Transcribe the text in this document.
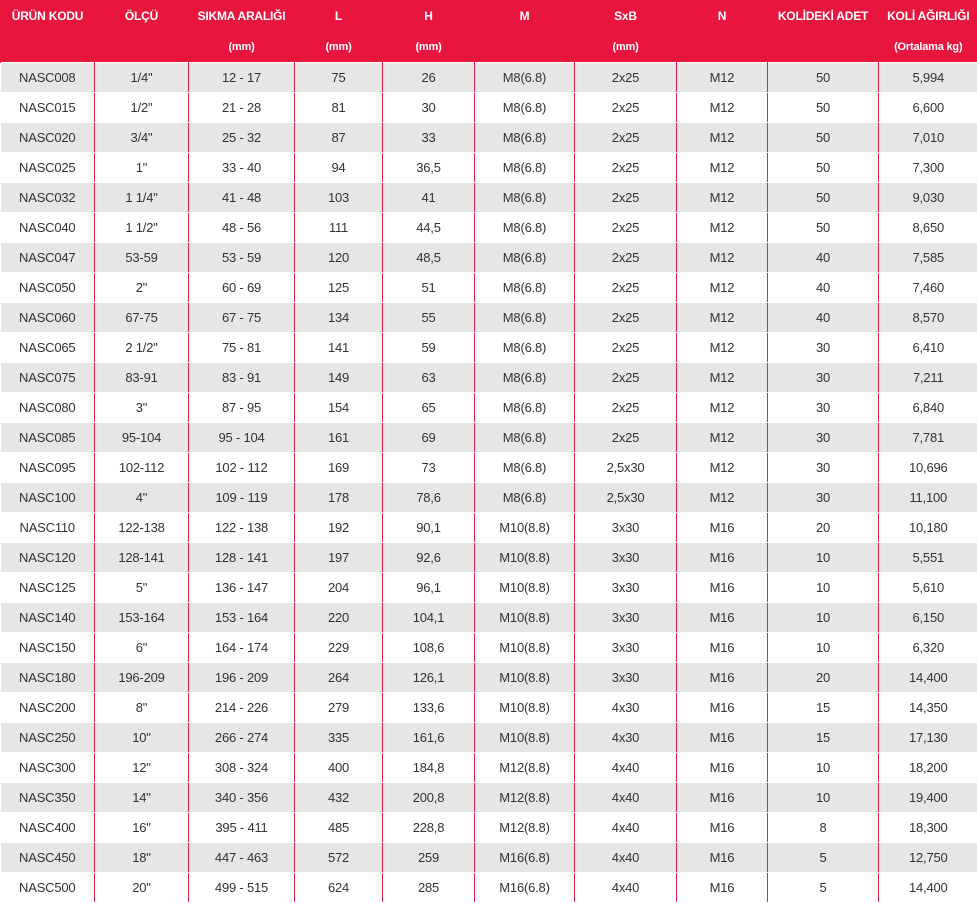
ÜRÜN KODU	ÖLÇÜ	SIKMA ARALIĞI	L	H	M	SxB	N	KOLİDEKİ ADET	KOLİ AĞIRLIĞI
		(mm)	(mm)	(mm)		(mm)			(Ortalama kg)
NASC008	1/4"	12 - 17	75	26	M8(6.8)	2x25	M12	50	5,994
NASC015	1/2"	21 - 28	81	30	M8(6.8)	2x25	M12	50	6,600
NASC020	3/4"	25 - 32	87	33	M8(6.8)	2x25	M12	50	7,010
NASC025	1"	33 - 40	94	36,5	M8(6.8)	2x25	M12	50	7,300
NASC032	1 1/4"	41 - 48	103	41	M8(6.8)	2x25	M12	50	9,030
NASC040	1 1/2"	48 - 56	111	44,5	M8(6.8)	2x25	M12	50	8,650
NASC047	53-59	53 - 59	120	48,5	M8(6.8)	2x25	M12	40	7,585
NASC050	2"	60 - 69	125	51	M8(6.8)	2x25	M12	40	7,460
NASC060	67-75	67 - 75	134	55	M8(6.8)	2x25	M12	40	8,570
NASC065	2 1/2"	75 - 81	141	59	M8(6.8)	2x25	M12	30	6,410
NASC075	83-91	83 - 91	149	63	M8(6.8)	2x25	M12	30	7,211
NASC080	3"	87 - 95	154	65	M8(6.8)	2x25	M12	30	6,840
NASC085	95-104	95 - 104	161	69	M8(6.8)	2x25	M12	30	7,781
NASC095	102-112	102 - 112	169	73	M8(6.8)	2,5x30	M12	30	10,696
NASC100	4"	109 - 119	178	78,6	M8(6.8)	2,5x30	M12	30	11,100
NASC110	122-138	122 - 138	192	90,1	M10(8.8)	3x30	M16	20	10,180
NASC120	128-141	128 - 141	197	92,6	M10(8.8)	3x30	M16	10	5,551
NASC125	5"	136 - 147	204	96,1	M10(8.8)	3x30	M16	10	5,610
NASC140	153-164	153 - 164	220	104,1	M10(8.8)	3x30	M16	10	6,150
NASC150	6"	164 - 174	229	108,6	M10(8.8)	3x30	M16	10	6,320
NASC180	196-209	196 - 209	264	126,1	M10(8.8)	3x30	M16	20	14,400
NASC200	8"	214 - 226	279	133,6	M10(8.8)	4x30	M16	15	14,350
NASC250	10"	266 - 274	335	161,6	M10(8.8)	4x30	M16	15	17,130
NASC300	12"	308 - 324	400	184,8	M12(8.8)	4x40	M16	10	18,200
NASC350	14"	340 - 356	432	200,8	M12(8.8)	4x40	M16	10	19,400
NASC400	16"	395 - 411	485	228,8	M12(8.8)	4x40	M16	8	18,300
NASC450	18"	447 - 463	572	259	M16(6.8)	4x40	M16	5	12,750
NASC500	20"	499 - 515	624	285	M16(6.8)	4x40	M16	5	14,400
